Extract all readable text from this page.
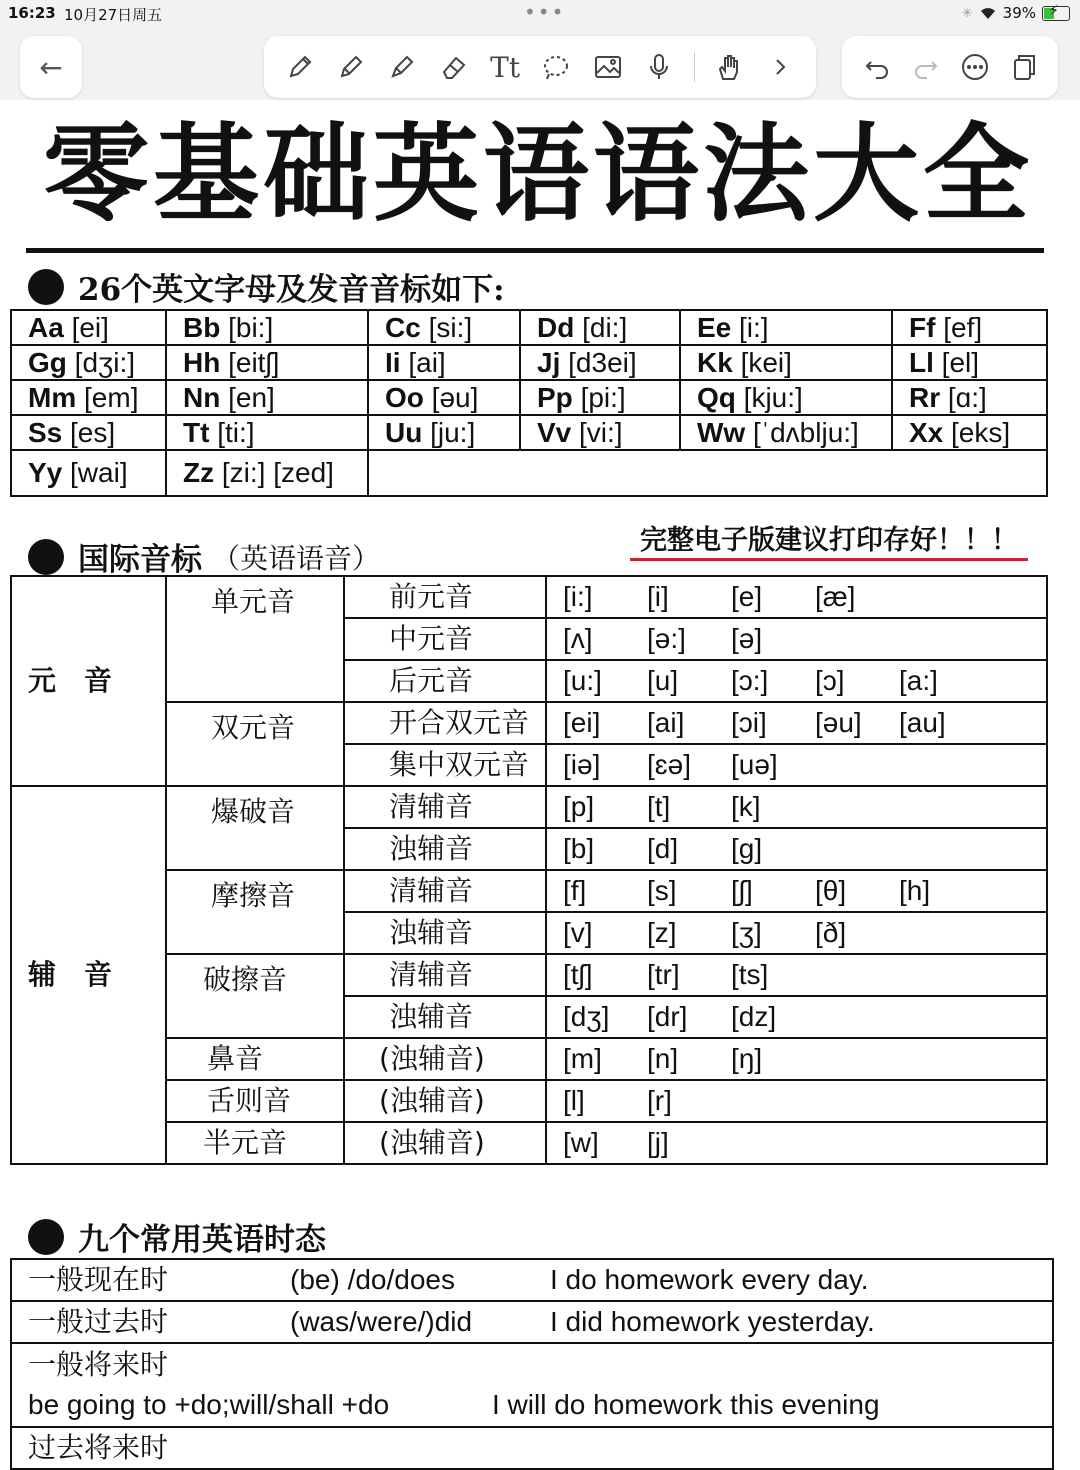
16:23 10月27日周五	•••	✳ 39% ⚡
←	Tt
零基础英语语法大全
26个英文字母及发音音标如下:
Aa [ei]	Bb [bi:]	Cc [si:]	Dd [di:]	Ee [i:]	Ff [ef]
Gg [dʒi:]	Hh [eitʃ]	Ii [ai]	Jj [d3ei]	Kk [kei]	Ll [el]
Mm [em]	Nn [en]	Oo [əu]	Pp [pi:]	Qq [kju:]	Rr [ɑ:]
Ss [es]	Tt [ti:]	Uu [ju:]	Vv [vi:]	Ww [ˈdʌblju:]	Xx [eks]
Yy [wai]	Zz [zi:] [zed]				
国际音标 （英语语音）
完整电子版建议打印存好！！！
元　音	单元音	前元音	[i:] [i] [e] [æ]
		中元音	[ʌ] [ə:] [ə]
		后元音	[u:] [u] [ɔ:] [ɔ] [a:]
	双元音	开合双元音	[ei] [ai] [ɔi] [əu] [au]
		集中双元音	[iə] [ɛə] [uə]
辅　音	爆破音	清辅音	[p] [t] [k]
		浊辅音	[b] [d] [g]
	摩擦音	清辅音	[f] [s] [ʃ] [θ] [h]
		浊辅音	[v] [z] [ʒ] [ð]
	破擦音	清辅音	[tʃ] [tr] [ts]
		浊辅音	[dʒ] [dr] [dz]
	鼻音	(浊辅音)	[m] [n] [ŋ]
	舌则音	(浊辅音)	[l] [r]
	半元音	(浊辅音)	[w] [j]
九个常用英语时态
一般现在时	(be) /do/does	I do homework every day.
一般过去时	(was/were/)did	I did homework yesterday.

一般将来时
be going to +do;will/shall +do	I will do homework this evening

过去将来时
